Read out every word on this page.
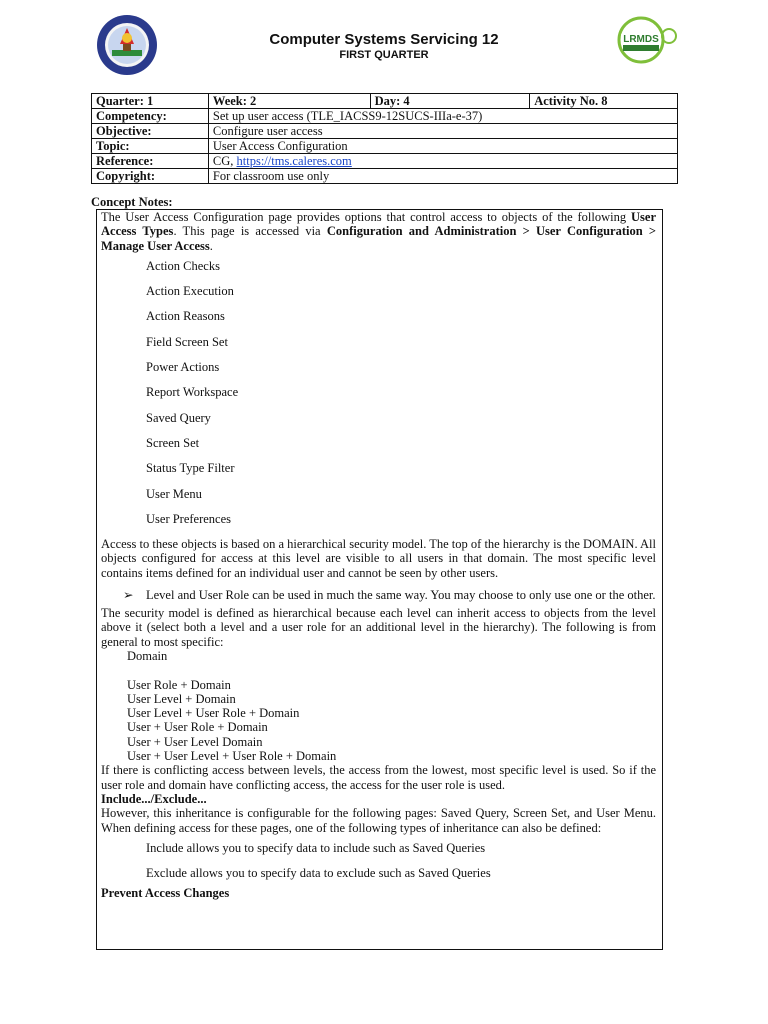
LRMDS
Computer Systems Servicing 12
FIRST QUARTER
Quarter: 1	Week: 2	Day: 4	Activity No. 8
Competency:	Set up user access (TLE_IACSS9-12SUCS-IIIa-e-37)		
Objective:	Configure user access		
Topic:	User Access Configuration		
Reference:	CG, https://tms.caleres.com		
Copyright:	For classroom use only		
Concept Notes:

The User Access Configuration page provides options that control access to objects of the following User Access Types. This page is accessed via Configuration and Administration > User Configuration > Manage User Access.

Action Checks
Action Execution
Action Reasons
Field Screen Set
Power Actions
Report Workspace
Saved Query
Screen Set
Status Type Filter
User Menu
User Preferences

Access to these objects is based on a hierarchical security model. The top of the hierarchy is the DOMAIN. All objects configured for access at this level are visible to all users in that domain. The most specific level contains items defined for an individual user and cannot be seen by other users.

➢ Level and User Role can be used in much the same way. You may choose to only use one or the other.

The security model is defined as hierarchical because each level can inherit access to objects from the level above it (select both a level and a user role for an additional level in the hierarchy). The following is from general to most specific:

Domain
User Role + Domain
User Level + Domain
User Level + User Role + Domain
User + User Role + Domain
User + User Level Domain
User + User Level + User Role + Domain

If there is conflicting access between levels, the access from the lowest, most specific level is used. So if the user role and domain have conflicting access, the access for the user role is used.

Include.../Exclude...

However, this inheritance is configurable for the following pages: Saved Query, Screen Set, and User Menu. When defining access for these pages, one of the following types of inheritance can also be defined:

Include allows you to specify data to include such as Saved Queries
Exclude allows you to specify data to exclude such as Saved Queries
Prevent Access Changes
